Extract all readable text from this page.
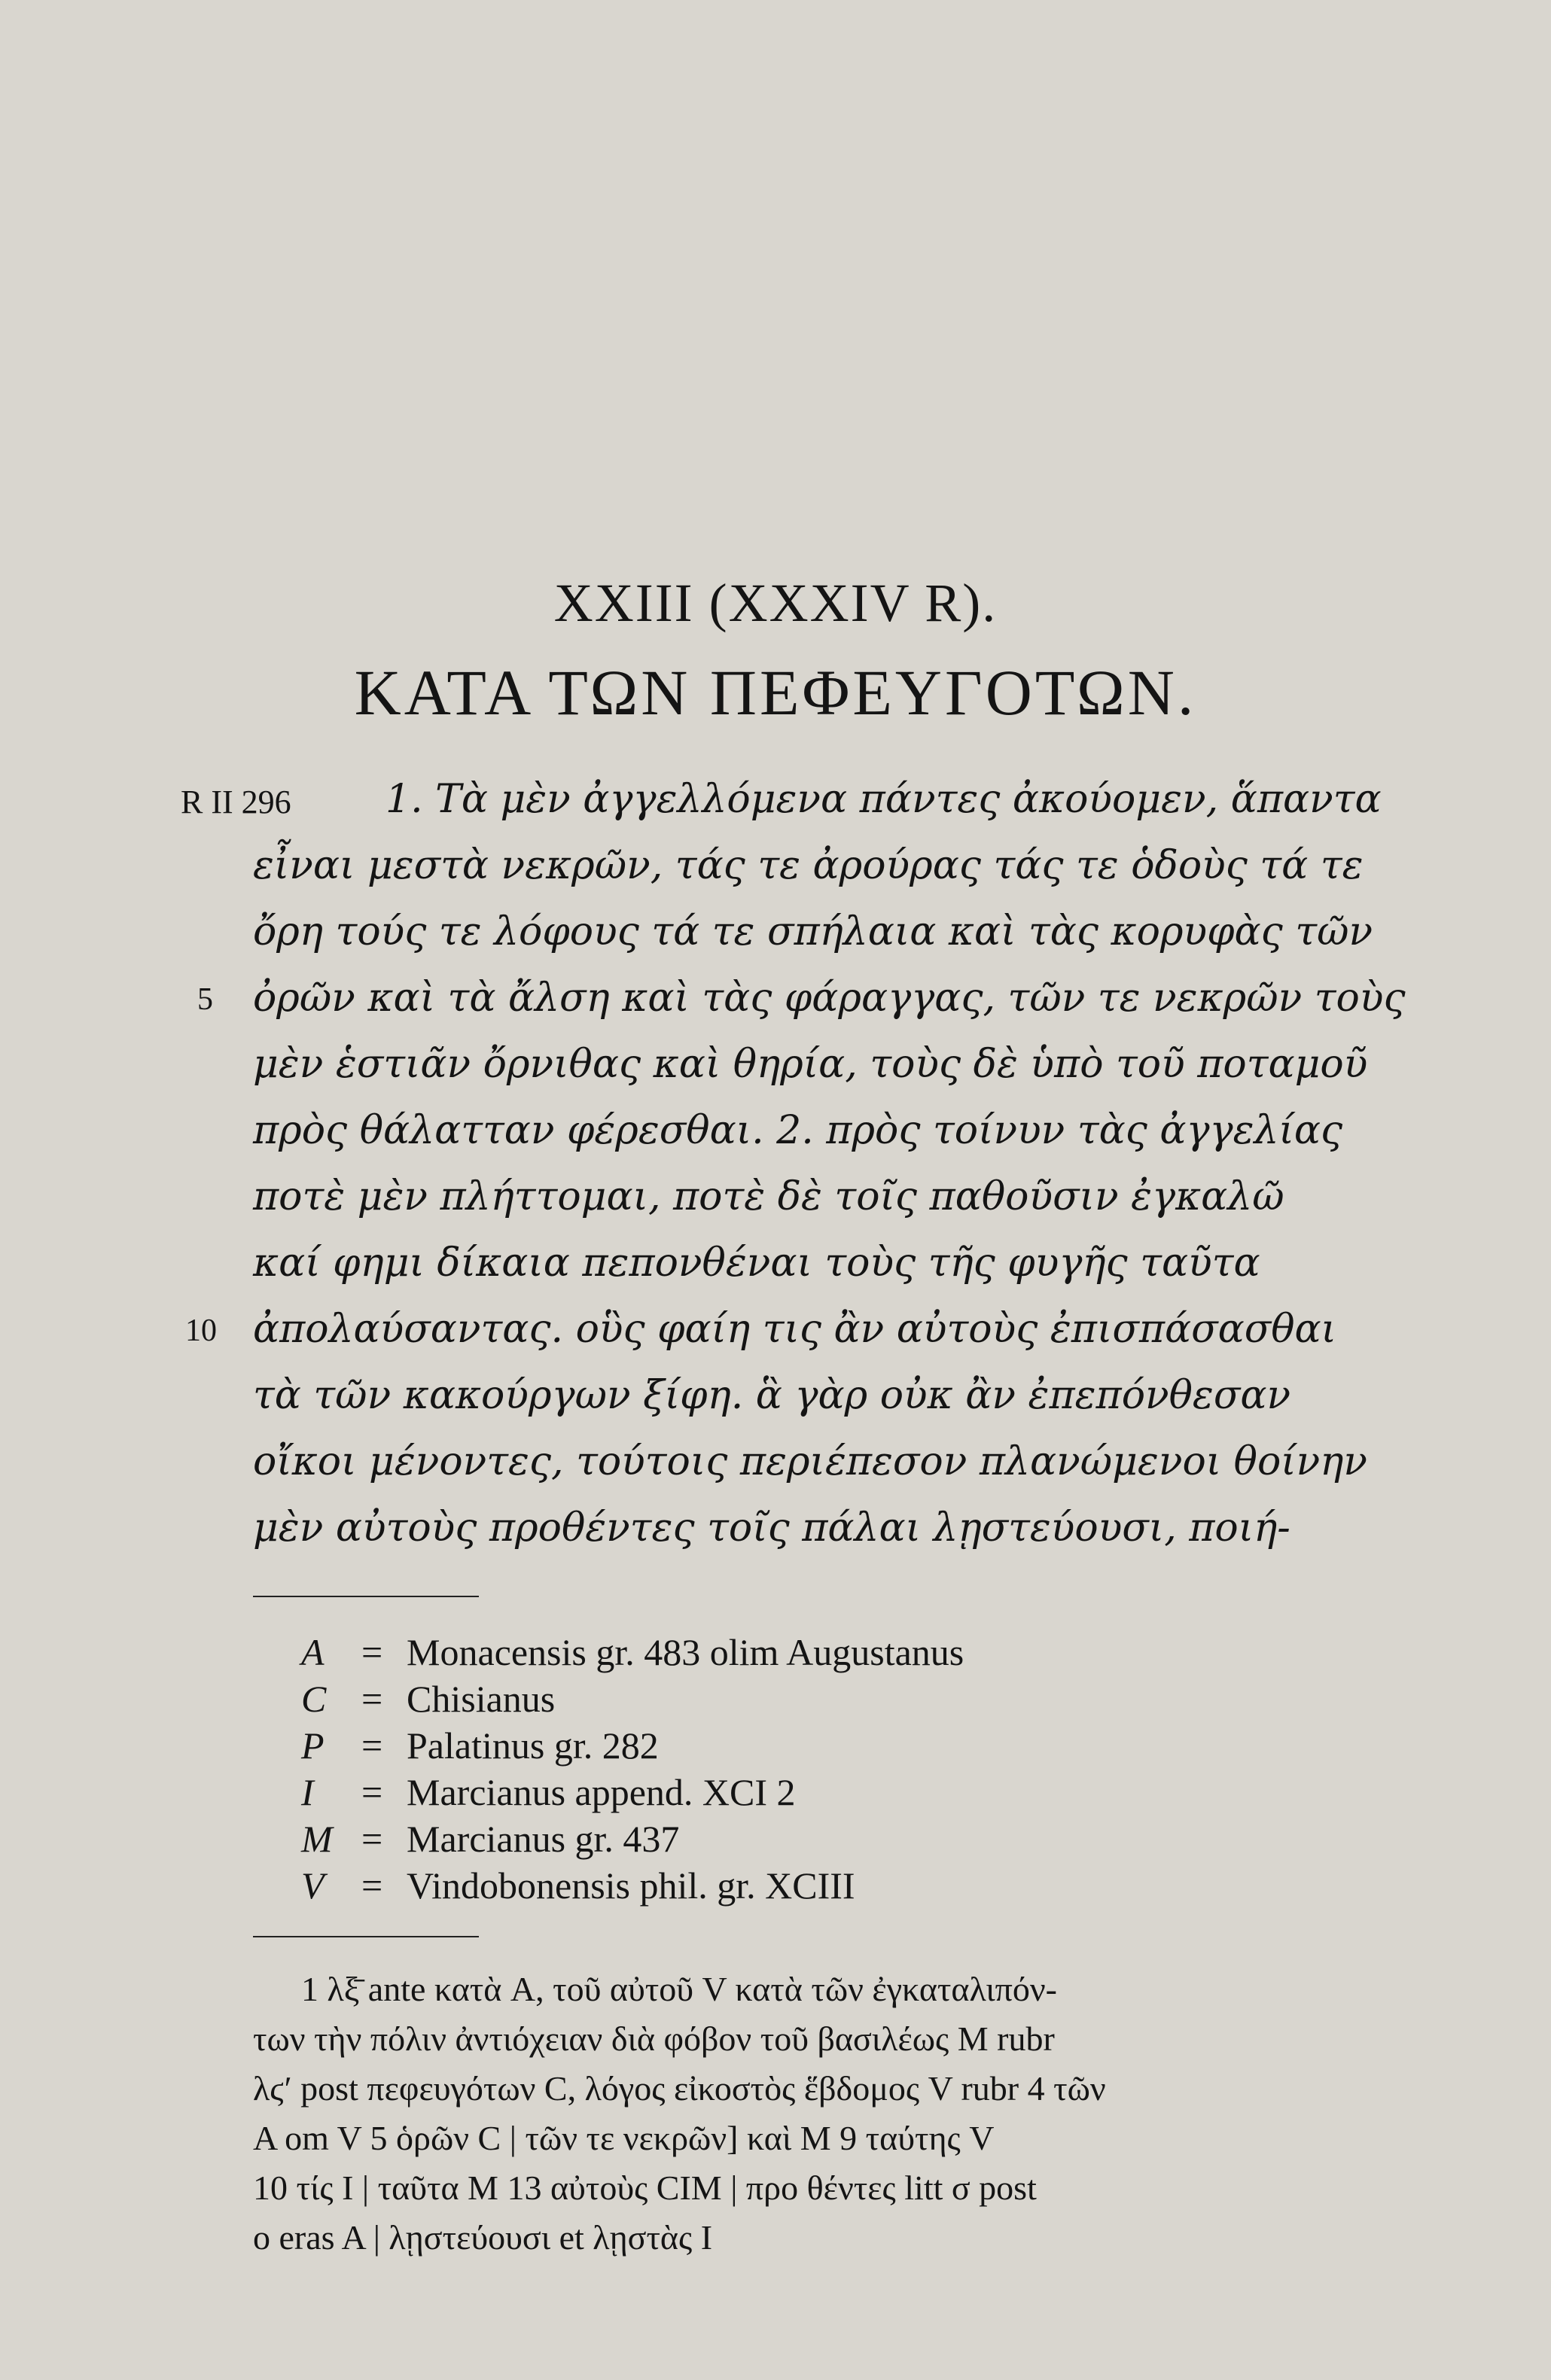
XXIII (XXXIV R).
ΚΑΤΑ ΤΩΝ ΠΕΦΕΥΓΟΤΩΝ.
R II 296 1. Τὰ μὲν ἀγγελλόμενα πάντες ἀκούομεν, ἅπαντα
εἶναι μεστὰ νεκρῶν, τάς τε ἀρούρας τάς τε ὁδοὺς τά τε
ὄρη τούς τε λόφους τά τε σπήλαια καὶ τὰς κορυφὰς τῶν
5 ὀρῶν καὶ τὰ ἄλση καὶ τὰς φάραγγας, τῶν τε νεκρῶν τοὺς
μὲν ἑστιᾶν ὄρνιθας καὶ θηρία, τοὺς δὲ ὑπὸ τοῦ ποταμοῦ
πρὸς θάλατταν φέρεσθαι. 2. πρὸς τοίνυν τὰς ἀγγελίας
ποτὲ μὲν πλήττομαι, ποτὲ δὲ τοῖς παθοῦσιν ἐγκαλῶ
καί φημι δίκαια πεπονθέναι τοὺς τῆς φυγῆς ταῦτα
10 ἀπολαύσαντας. οὓς φαίη τις ἂν αὐτοὺς ἐπισπάσασθαι
τὰ τῶν κακούργων ξίφη. ἃ γὰρ οὐκ ἂν ἐπεπόνθεσαν
οἴκοι μένοντες, τούτοις περιέπεσον πλανώμενοι θοίνην
μὲν αὐτοὺς προθέντες τοῖς πάλαι λῃστεύουσι, ποιή-
A = Monacensis gr. 483 olim Augustanus
C = Chisianus
P = Palatinus gr. 282
I = Marcianus append. XCI 2
M = Marcianus gr. 437
V = Vindobonensis phil. gr. XCIII
1 λξ̄ ante κατὰ A, τοῦ αὐτοῦ V κατὰ τῶν ἐγκαταλιπόν-
των τὴν πόλιν ἀντιόχειαν διὰ φόβον τοῦ βασιλέως M rubr
λϛʹ post πεφευγότων C, λόγος εἰκοστὸς ἕβδομος V rubr 4 τῶν
A om V 5 ὁρῶν C | τῶν τε νεκρῶν] καὶ M 9 ταύτης V
10 τίς I | ταῦτα M 13 αὐτοὺς CIM | προ θέντες litt σ post
ο eras A | λῃστεύουσι et λῃστὰς I
